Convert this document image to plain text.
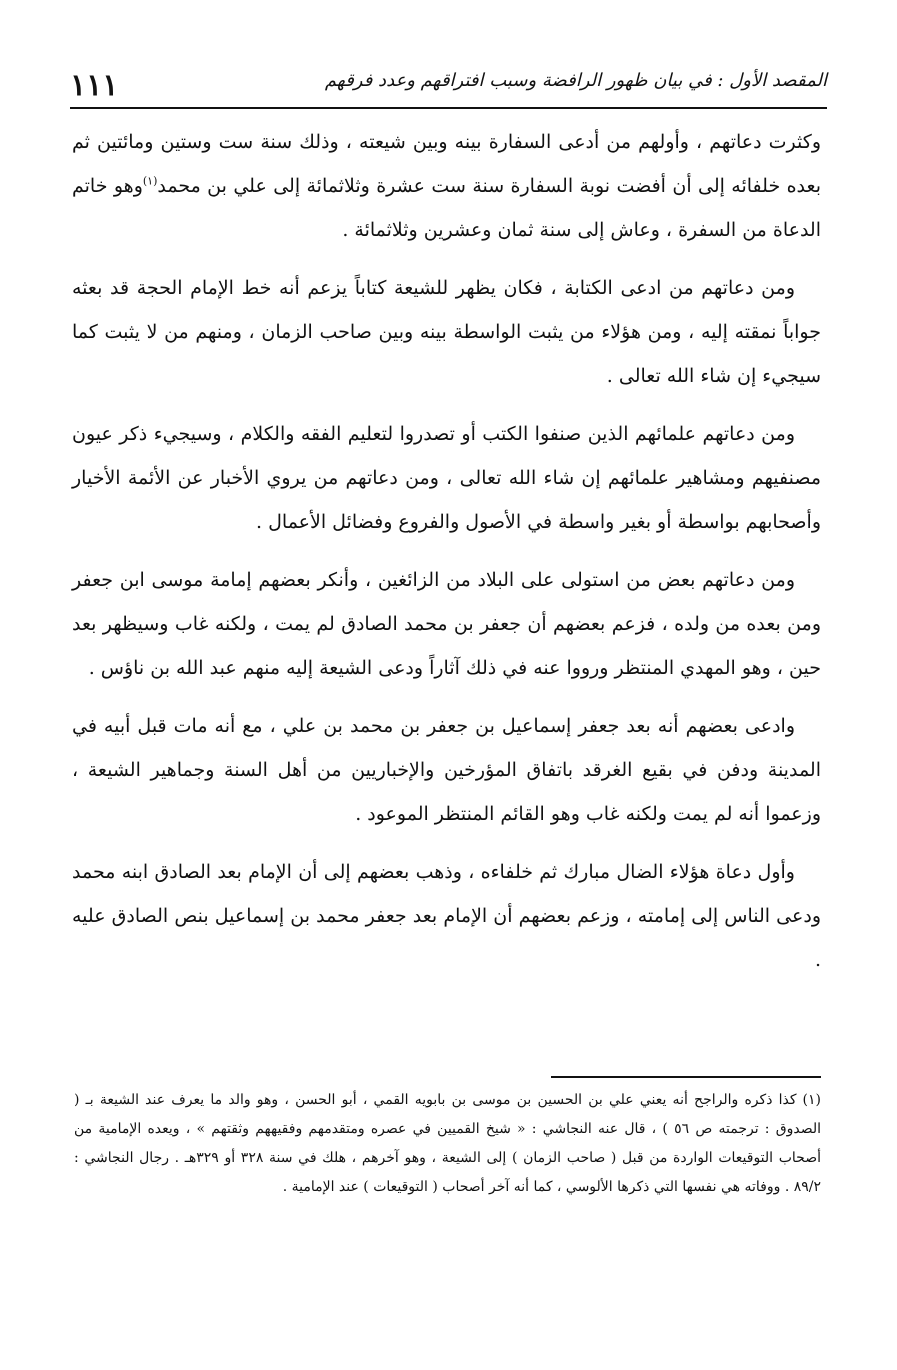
المقصد الأول : في بيان ظهور الرافضة وسبب افتراقهم وعدد فرقهم
١١١

وكثرت دعاتهم ، وأولهم من أدعى السفارة بينه وبين شيعته ، وذلك سنة ست وستين ومائتين ثم بعده خلفائه إلى أن أفضت نوبة السفارة سنة ست عشرة وثلاثمائة إلى علي بن محمد$^{(١)}$وهو خاتم الدعاة من السفرة ، وعاش إلى سنة ثمان وعشرين وثلاثمائة .

ومن دعاتهم من ادعى الكتابة ، فكان يظهر للشيعة كتاباً يزعم أنه خط الإمام الحجة قد بعثه جواباً نمقته إليه ، ومن هؤلاء من يثبت الواسطة بينه وبين صاحب الزمان ، ومنهم من لا يثبت كما سيجيء إن شاء الله تعالى .

ومن دعاتهم علمائهم الذين صنفوا الكتب أو تصدروا لتعليم الفقه والكلام ، وسيجيء ذكر عيون مصنفيهم ومشاهير علمائهم إن شاء الله تعالى ، ومن دعاتهم من يروي الأخبار عن الأئمة الأخيار وأصحابهم بواسطة أو بغير واسطة في الأصول والفروع وفضائل الأعمال .

ومن دعاتهم بعض من استولى على البلاد من الزائغين ، وأنكر بعضهم إمامة موسى ابن جعفر ومن بعده من ولده ، فزعم بعضهم أن جعفر بن محمد الصادق لم يمت ، ولكنه غاب وسيظهر بعد حين ، وهو المهدي المنتظر ورووا عنه في ذلك آثاراً ودعى الشيعة إليه منهم عبد الله بن ناؤس .

وادعى بعضهم أنه بعد جعفر إسماعيل بن جعفر بن محمد بن علي ، مع أنه مات قبل أبيه في المدينة ودفن في بقيع الغرقد باتفاق المؤرخين والإخباريين من أهل السنة وجماهير الشيعة ، وزعموا أنه لم يمت ولكنه غاب وهو القائم المنتظر الموعود .

وأول دعاة هؤلاء الضال مبارك ثم خلفاءه ، وذهب بعضهم إلى أن الإمام بعد الصادق ابنه محمد ودعى الناس إلى إمامته ، وزعم بعضهم أن الإمام بعد جعفر محمد بن إسماعيل بنص الصادق عليه .

(١)كذا ذكره والراجح أنه يعني علي بن الحسين بن موسى بن بابويه القمي ، أبو الحسن ، وهو والد ما يعرف عند الشيعة بـ ( الصدوق : ترجمته ص ٥٦ ) ، قال عنه النجاشي : « شيخ القميين في عصره ومتقدمهم وفقيههم وثقتهم » ، ويعده الإمامية من أصحاب التوقيعات الواردة من قبل ( صاحب الزمان ) إلى الشيعة ، وهو آخرهم ، هلك في سنة ٣٢٨ أو ٣٢٩هـ . رجال النجاشي : ٨٩/٢ . ووفاته هي نفسها التي ذكرها الألوسي ، كما أنه آخر أصحاب ( التوقيعات ) عند الإمامية .
